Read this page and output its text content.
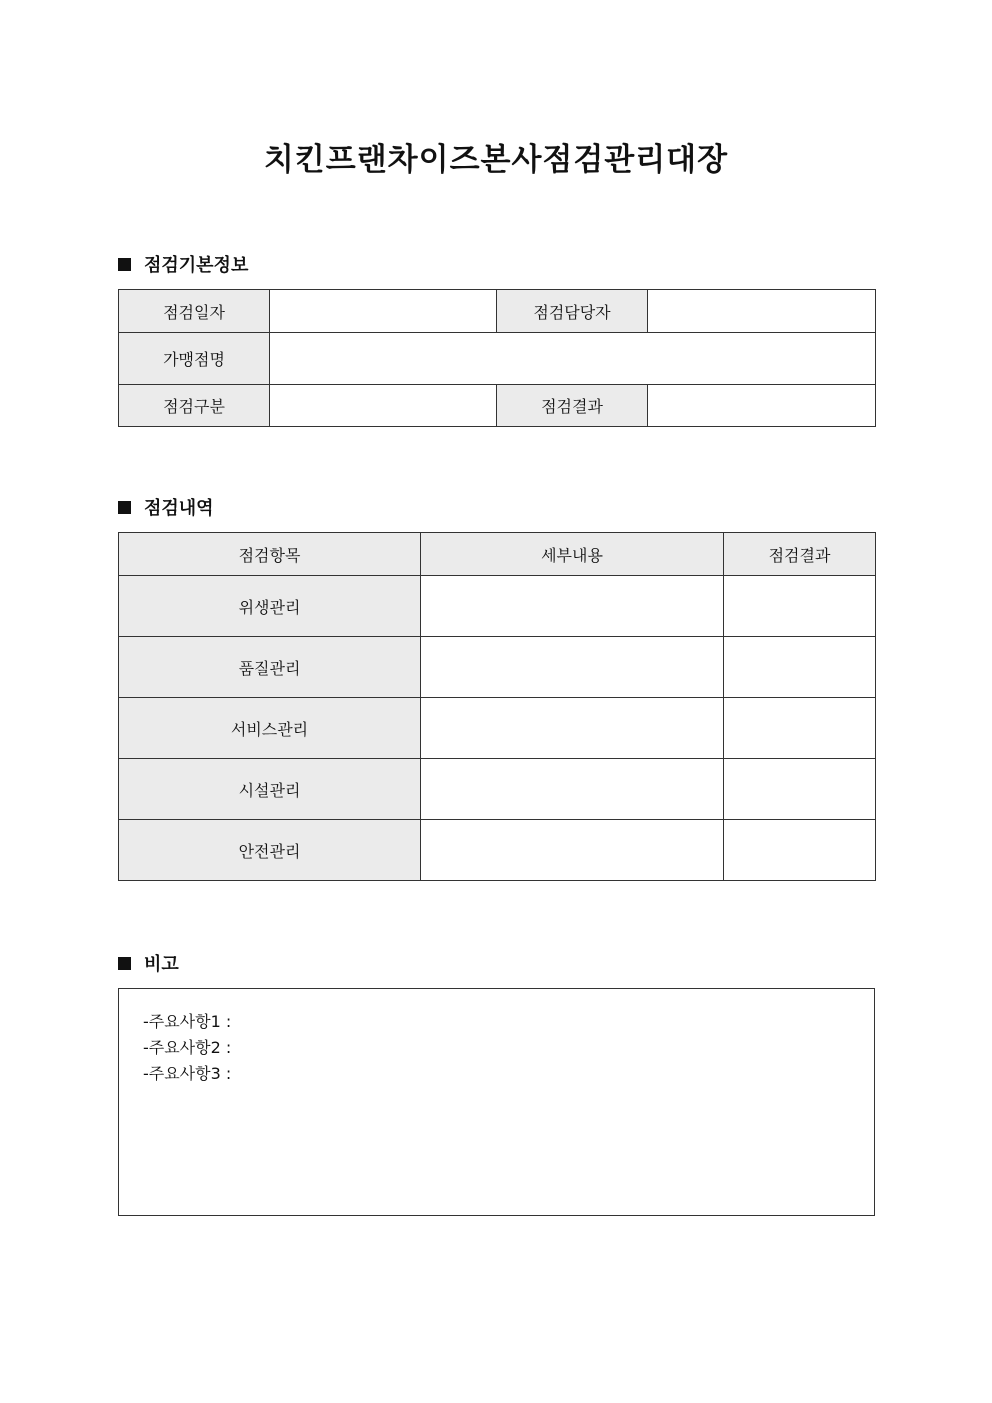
치킨프랜차이즈본사점검관리대장
점검기본정보
점검일자		점검담당자	
가맹점명			
점검구분		점검결과	
점검내역
점검항목	세부내용	점검결과
위생관리		
품질관리		
서비스관리		
시설관리		
안전관리		
비고
-주요사항1 :
-주요사항2 :
-주요사항3 :
